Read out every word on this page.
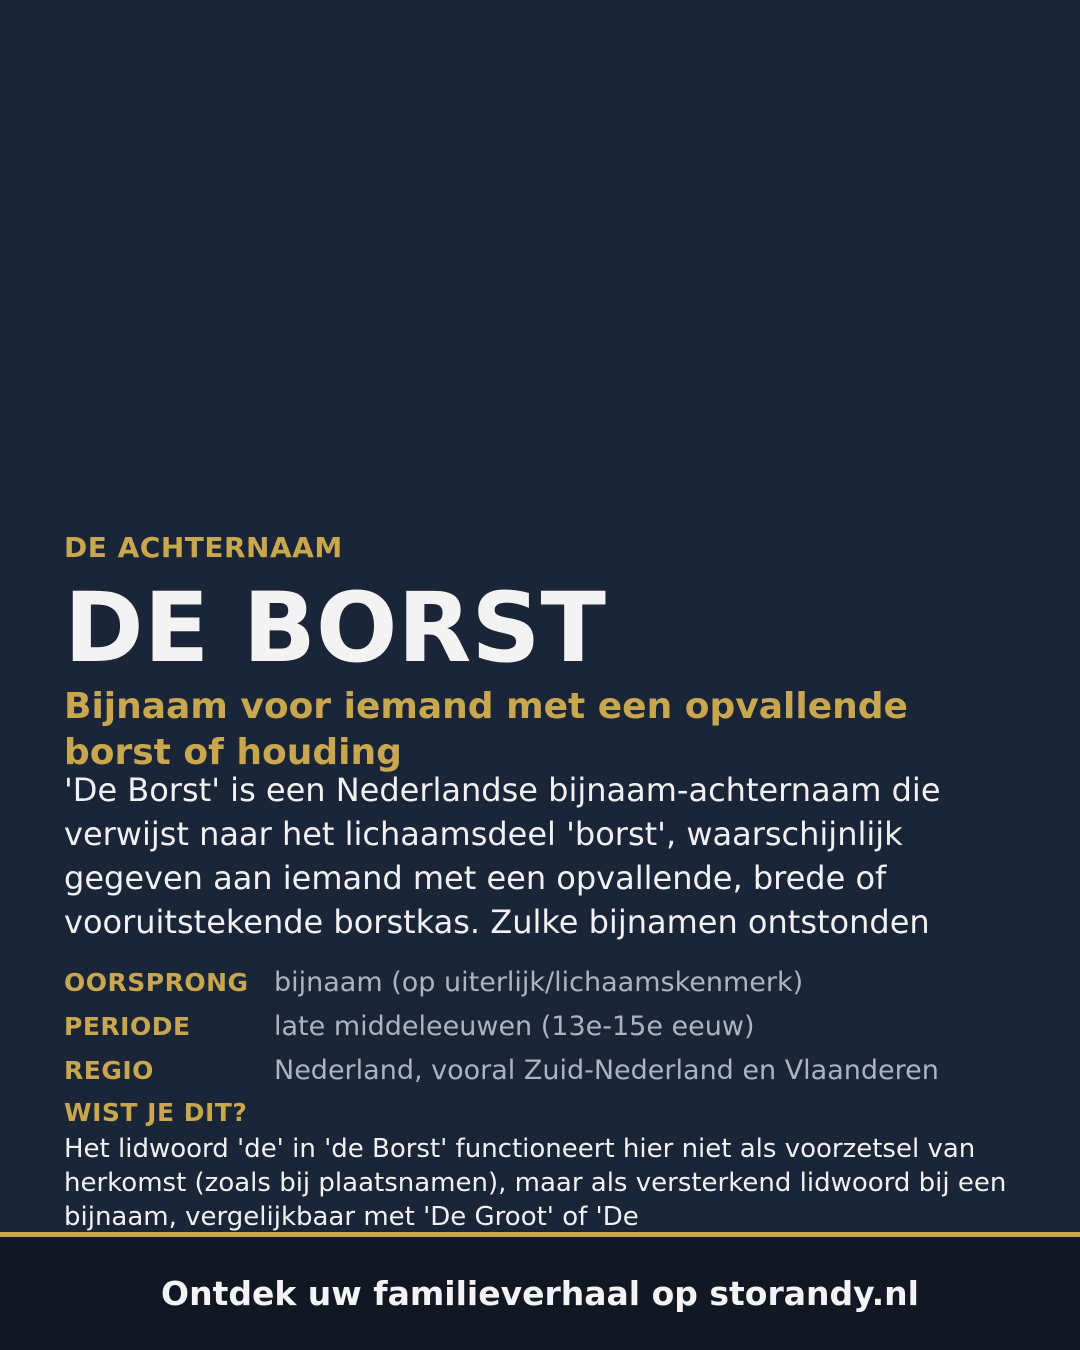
DE ACHTERNAAM
DE BORST
Bijnaam voor iemand met een opvallende borst of houding
'De Borst' is een Nederlandse bijnaam-achternaam die verwijst naar het lichaamsdeel 'borst', waarschijnlijk gegeven aan iemand met een opvallende, brede of vooruitstekende borstkas. Zulke bijnamen ontstonden
OORSPRONG bijnaam (op uiterlijk/lichaamskenmerk)
PERIODE	late middeleeuwen (13e-15e eeuw)
REGIO	Nederland, vooral Zuid-Nederland en Vlaanderen
WIST JE DIT?
Het lidwoord 'de' in 'de Borst' functioneert hier niet als voorzetsel van herkomst (zoals bij plaatsnamen), maar als versterkend lidwoord bij een bijnaam, vergelijkbaar met 'De Groot' of 'De
Ontdek uw familieverhaal op storandy.nl
